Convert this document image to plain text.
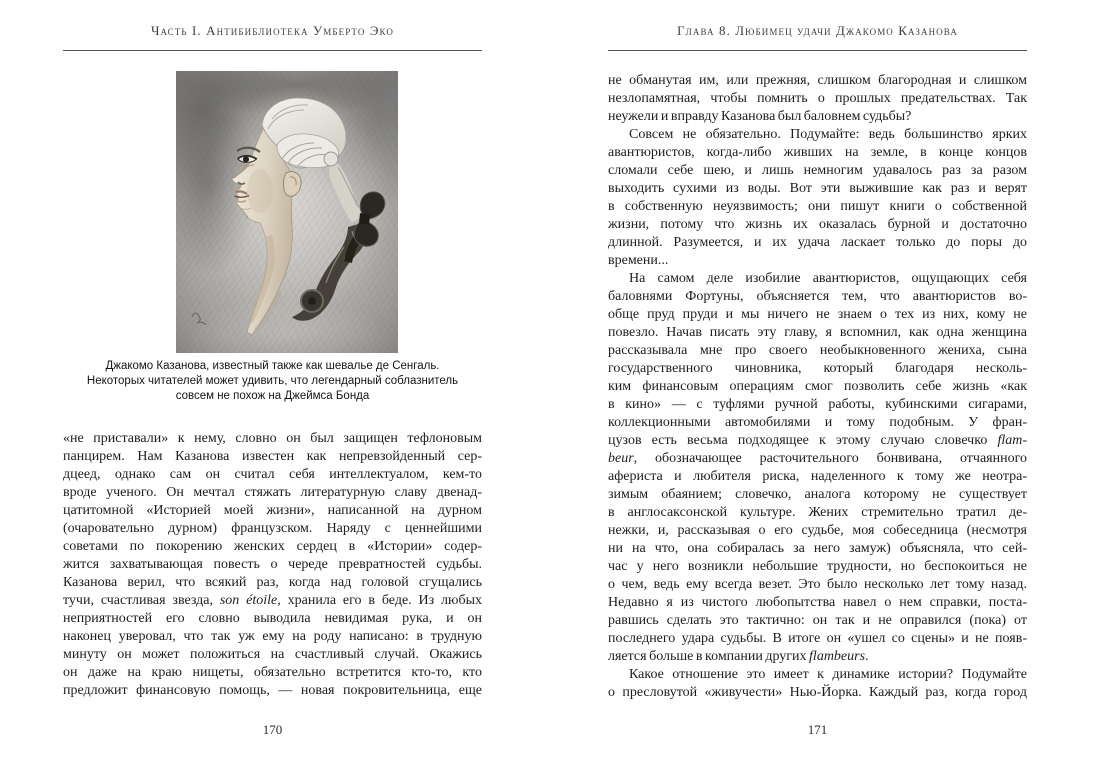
Часть I. Антибиблиотека Умберто Эко
Джакомо Казанова, известный также как шевалье де Сенгаль.
Некоторых читателей может удивить, что легендарный соблазнитель
совсем не похож на Джеймса Бонда
«не приставали» к нему, словно он был защищен тефлоновым
панцирем. Нам Казанова известен как непревзойденный сер-
дцеед, однако сам он считал себя интеллектуалом, кем-то
вроде ученого. Он мечтал стяжать литературную славу двенад-
цатитомной «Историей моей жизни», написанной на дурном
(очаровательно дурном) французском. Наряду с ценнейшими
советами по покорению женских сердец в «Истории» содер-
жится захватывающая повесть о череде превратностей судьбы.
Казанова верил, что всякий раз, когда над головой сгущались
тучи, счастливая звезда, son étoile, хранила его в беде. Из любых
неприятностей его словно выводила невидимая рука, и он
наконец уверовал, что так уж ему на роду написано: в трудную
минуту он может положиться на счастливый случай. Окажись
он даже на краю нищеты, обязательно встретится кто-то, кто
предложит финансовую помощь, — новая покровительница, еще
170
Глава 8. Любимец удачи Джакомо Казанова
не обманутая им, или прежняя, слишком благородная и слишком
незлопамятная, чтобы помнить о прошлых предательствах. Так
неужели и вправду Казанова был баловнем судьбы?
Совсем не обязательно. Подумайте: ведь большинство ярких
авантюристов, когда-либо живших на земле, в конце концов
сломали себе шею, и лишь немногим удавалось раз за разом
выходить сухими из воды. Вот эти выжившие как раз и верят
в собственную неуязвимость; они пишут книги о собственной
жизни, потому что жизнь их оказалась бурной и достаточно
длинной. Разумеется, и их удача ласкает только до поры до
времени...
На самом деле изобилие авантюристов, ощущающих себя
баловнями Фортуны, объясняется тем, что авантюристов во-
обще пруд пруди и мы ничего не знаем о тех из них, кому не
повезло. Начав писать эту главу, я вспомнил, как одна женщина
рассказывала мне про своего необыкновенного жениха, сына
государственного чиновника, который благодаря несколь-
ким финансовым операциям смог позволить себе жизнь «как
в кино» — с туфлями ручной работы, кубинскими сигарами,
коллекционными автомобилями и тому подобным. У фран-
цузов есть весьма подходящее к этому случаю словечко flam-
beur, обозначающее расточительного бонвивана, отчаянного
афериста и любителя риска, наделенного к тому же неотра-
зимым обаянием; словечко, аналога которому не существует
в англосаксонской культуре. Жених стремительно тратил де-
нежки, и, рассказывая о его судьбе, моя собеседница (несмотря
ни на что, она собиралась за него замуж) объясняла, что сей-
час у него возникли небольшие трудности, но беспокоиться не
о чем, ведь ему всегда везет. Это было несколько лет тому назад.
Недавно я из чистого любопытства навел о нем справки, поста-
равшись сделать это тактично: он так и не оправился (пока) от
последнего удара судьбы. В итоге он «ушел со сцены» и не появ-
ляется больше в компании других flambeurs.
Какое отношение это имеет к динамике истории? Подумайте
о пресловутой «живучести» Нью-Йорка. Каждый раз, когда город
171
